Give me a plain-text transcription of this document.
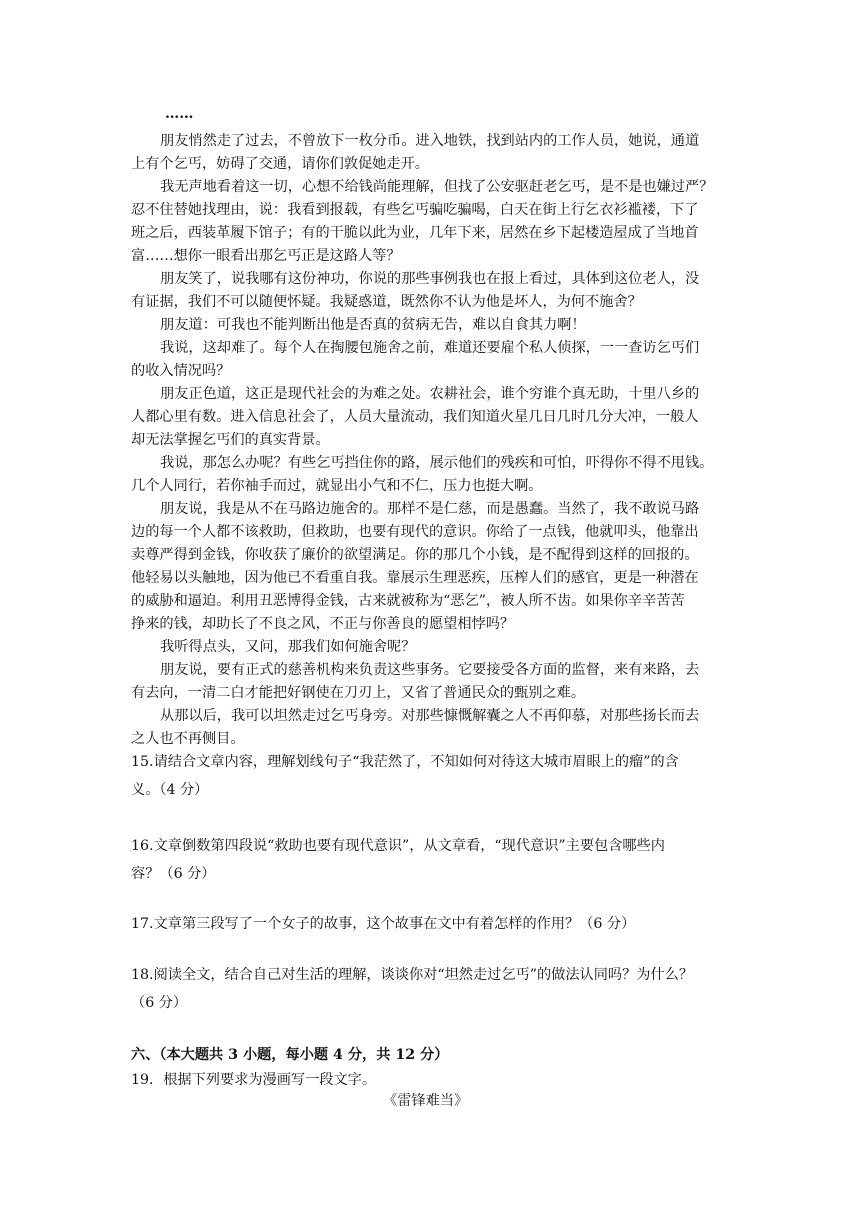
……
朋友悄然走了过去，不曾放下一枚分币。进入地铁，找到站内的工作人员，她说，通道
上有个乞丐，妨碍了交通，请你们敦促她走开。
我无声地看着这一切，心想不给钱尚能理解，但找了公安驱赶老乞丐，是不是也嫌过严？
忍不住替她找理由，说：我看到报载，有些乞丐骗吃骗喝，白天在街上行乞衣衫褴褛，下了
班之后，西装革履下馆子；有的干脆以此为业，几年下来，居然在乡下起楼造屋成了当地首
富……想你一眼看出那乞丐正是这路人等？
朋友笑了，说我哪有这份神功，你说的那些事例我也在报上看过，具体到这位老人，没
有证据，我们不可以随便怀疑。我疑惑道，既然你不认为他是坏人，为何不施舍？
朋友道：可我也不能判断出他是否真的贫病无告，难以自食其力啊！
我说，这却难了。每个人在掏腰包施舍之前，难道还要雇个私人侦探，一一查访乞丐们
的收入情况吗？
朋友正色道，这正是现代社会的为难之处。农耕社会，谁个穷谁个真无助，十里八乡的
人都心里有数。进入信息社会了，人员大量流动，我们知道火星几日几时几分大冲，一般人
却无法掌握乞丐们的真实背景。
我说，那怎么办呢？有些乞丐挡住你的路，展示他们的残疾和可怕，吓得你不得不甩钱。
几个人同行，若你袖手而过，就显出小气和不仁，压力也挺大啊。
朋友说，我是从不在马路边施舍的。那样不是仁慈，而是愚蠢。当然了，我不敢说马路
边的每一个人都不该救助，但救助，也要有现代的意识。你给了一点钱，他就叩头，他靠出
卖尊严得到金钱，你收获了廉价的欲望满足。你的那几个小钱，是不配得到这样的回报的。
他轻易以头触地，因为他已不看重自我。靠展示生理恶疾，压榨人们的感官，更是一种潜在
的威胁和逼迫。利用丑恶博得金钱，古来就被称为“恶乞”，被人所不齿。如果你辛辛苦苦
挣来的钱，却助长了不良之风，不正与你善良的愿望相悖吗？
我听得点头，又问，那我们如何施舍呢？
朋友说，要有正式的慈善机构来负责这些事务。它要接受各方面的监督，来有来路，去
有去向，一清二白才能把好钢使在刀刃上，又省了普通民众的甄别之难。
从那以后，我可以坦然走过乞丐身旁。对那些慷慨解囊之人不再仰慕，对那些扬长而去
之人也不再侧目。
15.请结合文章内容，理解划线句子“我茫然了，不知如何对待这大城市眉眼上的瘤”的含
义。（4 分）
16.文章倒数第四段说“救助也要有现代意识”，从文章看，“现代意识”主要包含哪些内
容？（6 分）
17.文章第三段写了一个女子的故事，这个故事在文中有着怎样的作用？（6 分）
18.阅读全文，结合自己对生活的理解，谈谈你对“坦然走过乞丐”的做法认同吗？为什么？
（6 分）
六、（本大题共 3 小题，每小题 4 分，共 12 分）
19．根据下列要求为漫画写一段文字。
《雷锋难当》
